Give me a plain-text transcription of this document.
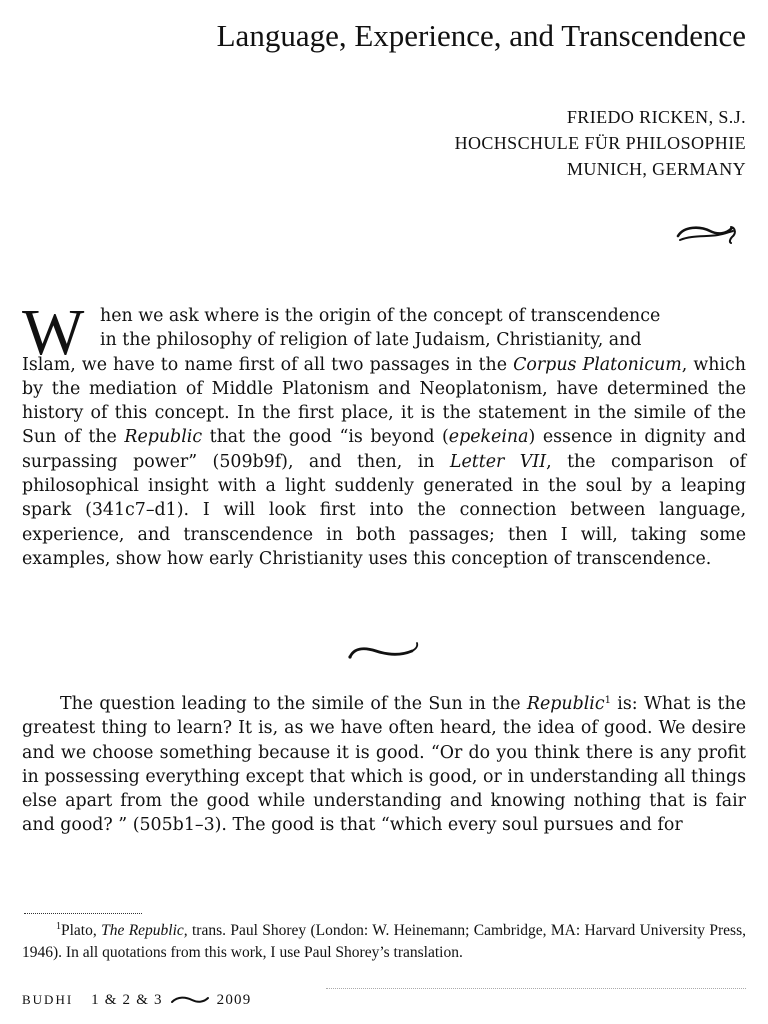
Language, Experience, and Transcendence
FRIEDO RICKEN, S.J.
HOCHSCHULE FÜR PHILOSOPHIE
MUNICH, GERMANY
W hen we ask where is the origin of the concept of transcendence
in the philosophy of religion of late Judaism, Christianity, and
Islam, we have to name first of all two passages in the Corpus Platonicum, which by the mediation of Middle Platonism and Neoplatonism, have determined the history of this concept. In the first place, it is the statement in the simile of the Sun of the Republic that the good “is beyond (epekeina) essence in dignity and surpassing power” (509b9f), and then, in Letter VII, the comparison of philosophical insight with a light suddenly generated in the soul by a leaping spark (341c7–d1). I will look first into the connection between language, experience, and transcendence in both passages; then I will, taking some examples, show how early Christianity uses this conception of transcendence.
The question leading to the simile of the Sun in the Republic$^1$ is: What is the greatest thing to learn? It is, as we have often heard, the idea of good. We desire and we choose something because it is good. “Or do you think there is any profit in possessing everything except that which is good, or in understanding all things else apart from the good while understanding and knowing nothing that is fair and good? ” (505b1–3). The good is that “which every soul pursues and for
$^1$Plato, The Republic, trans. Paul Shorey (London: W. Heinemann; Cambridge, MA: Harvard University Press, 1946). In all quotations from this work, I use Paul Shorey’s translation.
BUDHI 1 & 2 & 3	2009
